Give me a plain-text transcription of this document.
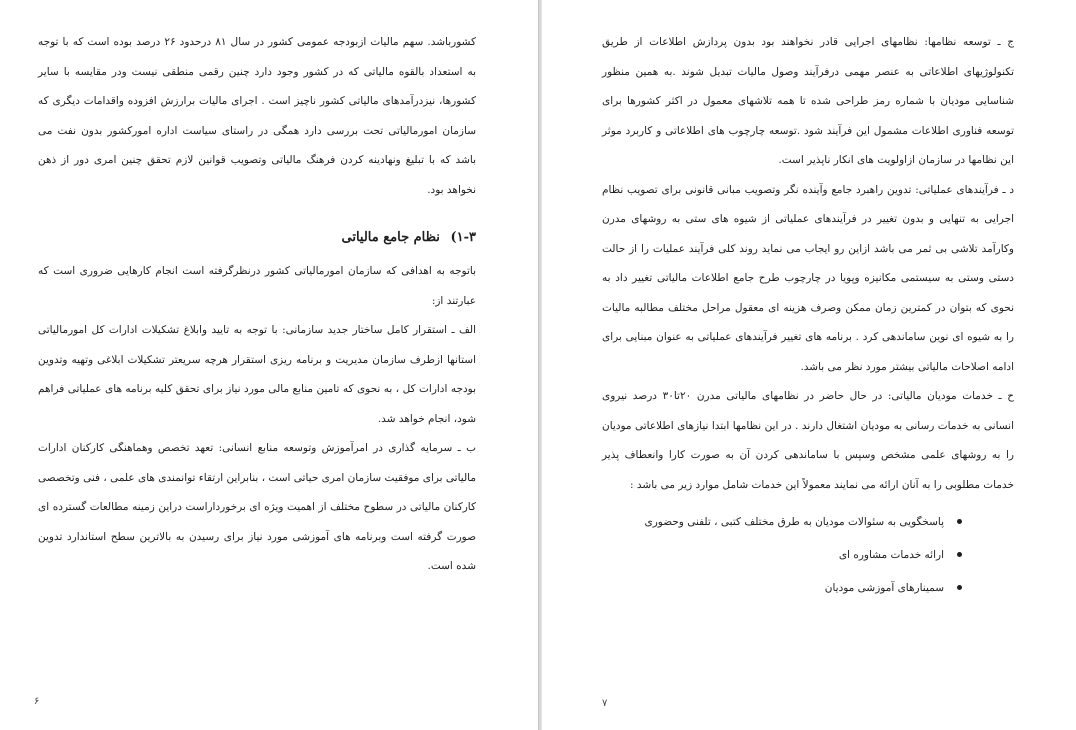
کشورباشد. سهم مالیات ازبودجه عمومی کشور در سال ۸۱ درحدود ۲۶ درصد بوده است که با توجه به استعداد بالقوه مالیاتی که در کشور وجود دارد چنین رقمی منطقی نیست ودر مقایسه با سایر کشورها، نیزدرآمدهای مالیاتی کشور ناچیز است . اجرای مالیات برارزش افزوده واقدامات دیگری که سازمان امورمالیاتی تحت بررسی دارد همگی در راستای سیاست اداره امورکشور بدون نفت می باشد که با تبلیغ ونهادینه کردن فرهنگ مالیاتی وتصویب قوانین لازم تحقق چنین امری دور از ذهن نخواهد بود.

۱-۳) نظام جامع مالیاتی

باتوجه به اهدافی که سازمان امورمالیاتی کشور درنظرگرفته است انجام کارهایی ضروری است که عبارتند از:

الف ـ استقرار کامل ساختار جدید سازمانی: با توجه به تایید وابلاغ تشکیلات ادارات کل امورمالیاتی استانها ازطرف سازمان مدیریت و برنامه ریزی استقرار هرچه سریعتر تشکیلات ابلاغی وتهیه وتدوین بودجه ادارات کل ، به نحوی که تامین منابع مالی مورد نیاز برای تحقق کلیه برنامه های عملیاتی فراهم شود، انجام خواهد شد.

ب ـ سرمایه گذاری در امرآموزش وتوسعه منابع انسانی: تعهد تخصص وهماهنگی کارکنان ادارات مالیاتی برای موفقیت سازمان امری حیاتی است ، بنابراین ارتقاء توانمندی های علمی ، فنی وتخصصی کارکنان مالیاتی در سطوح مختلف از اهمیت ویژه ای برخورداراست دراین زمینه مطالعات گسترده ای صورت گرفته است وبرنامه های آموزشی مورد نیاز برای رسیدن به بالاترین سطح استاندارد تدوین شده است.

۶

ج ـ توسعه نظامها: نظامهای اجرایی قادر نخواهند بود بدون پردازش اطلاعات از طریق تکنولوژیهای اطلاعاتی به عنصر مهمی درفرآیند وصول مالیات تبدیل شوند .به همین منظور شناسایی مودیان با شماره رمز طراحی شده تا همه تلاشهای معمول در اکثر کشورها برای توسعه فناوری اطلاعات مشمول این فرآیند شود .توسعه چارچوب های اطلاعاتی و کاربرد موثر این نظامها در سازمان ازاولویت های انکار ناپذیر است.

د ـ فرآیندهای عملیاتی: تدوین راهبرد جامع وآینده نگر وتصویب مبانی قانونی برای تصویب نظام اجرایی به تنهایی و بدون تغییر در فرآیندهای عملیاتی از شیوه های ستی به روشهای مدرن وکارآمد تلاشی بی ثمر می باشد ازاین رو ایجاب می نماید روند کلی فرآیند عملیات را از حالت دستی وستی به سیستمی مکانیزه وپویا در چارچوب طرح جامع اطلاعات مالیاتی تغییر داد به نحوی که بتوان در کمترین زمان ممکن وصرف هزینه ای معقول مراحل مختلف مطالبه مالیات را به شیوه ای نوین ساماندهی کرد . برنامه های تغییر فرآیندهای عملیاتی به عنوان مبنایی برای ادامه اصلاحات مالیاتی بیشتر مورد نظر می باشد.

ح ـ خدمات مودیان مالیاتی: در حال حاضر در نظامهای مالیاتی مدرن ۲۰تا۳۰ درصد نیروی انسانی به خدمات رسانی به مودیان اشتغال دارند . در این نظامها ابتدا نیازهای اطلاعاتی مودیان را به روشهای علمی مشخص وسپس با ساماندهی کردن آن به صورت کارا وانعطاف پذیر خدمات مطلوبی را به آنان ارائه می نمایند معمولاً این خدمات شامل موارد زیر می باشد :

پاسخگویی به سئوالات مودیان به طرق مختلف کتبی ، تلفنی وحضوری
ارائه خدمات مشاوره ای
سمینارهای آموزشی مودیان
۷
